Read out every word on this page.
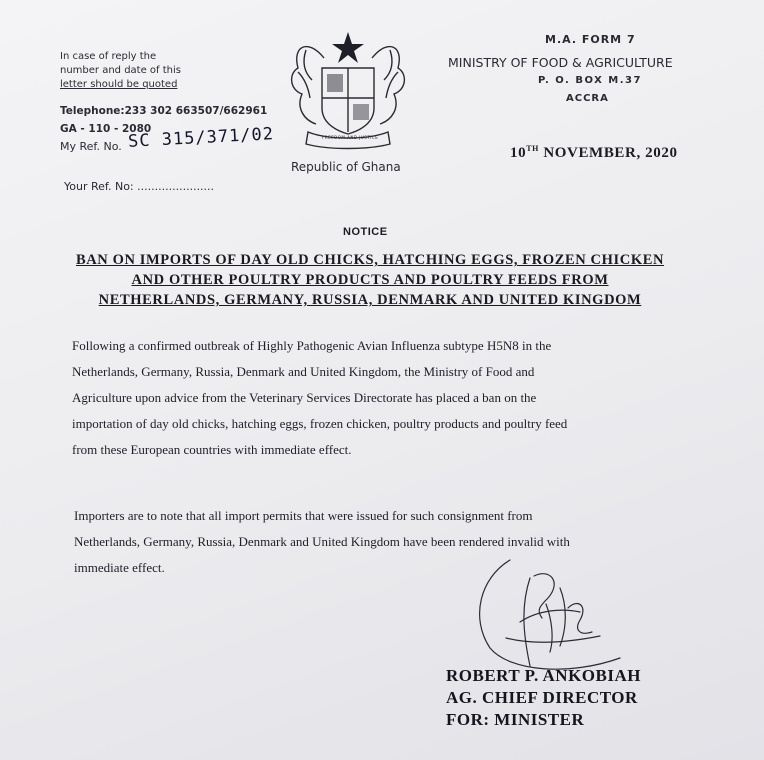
In case of reply the
number and date of this
letter should be quoted
Telephone:233 302 663507/662961
GA - 110 - 2080
My Ref. No. SC 315/371/02
Your Ref. No: ......................
FREEDOM AND JUSTICE
Republic of Ghana
M.A. FORM 7
MINISTRY OF FOOD & AGRICULTURE
P. O. BOX M.37
ACCRA
10TH NOVEMBER, 2020
NOTICE
BAN ON IMPORTS OF DAY OLD CHICKS, HATCHING EGGS, FROZEN CHICKEN
AND OTHER POULTRY PRODUCTS AND POULTRY FEEDS FROM
NETHERLANDS, GERMANY, RUSSIA, DENMARK AND UNITED KINGDOM
Following a confirmed outbreak of Highly Pathogenic Avian Influenza subtype H5N8 in the
Netherlands, Germany, Russia, Denmark and United Kingdom, the Ministry of Food and
Agriculture upon advice from the Veterinary Services Directorate has placed a ban on the
importation of day old chicks, hatching eggs, frozen chicken, poultry products and poultry feed
from these European countries with immediate effect.
Importers are to note that all import permits that were issued for such consignment from
Netherlands, Germany, Russia, Denmark and United Kingdom have been rendered invalid with
immediate effect.
ROBERT P. ANKOBIAH
AG. CHIEF DIRECTOR
FOR: MINISTER
